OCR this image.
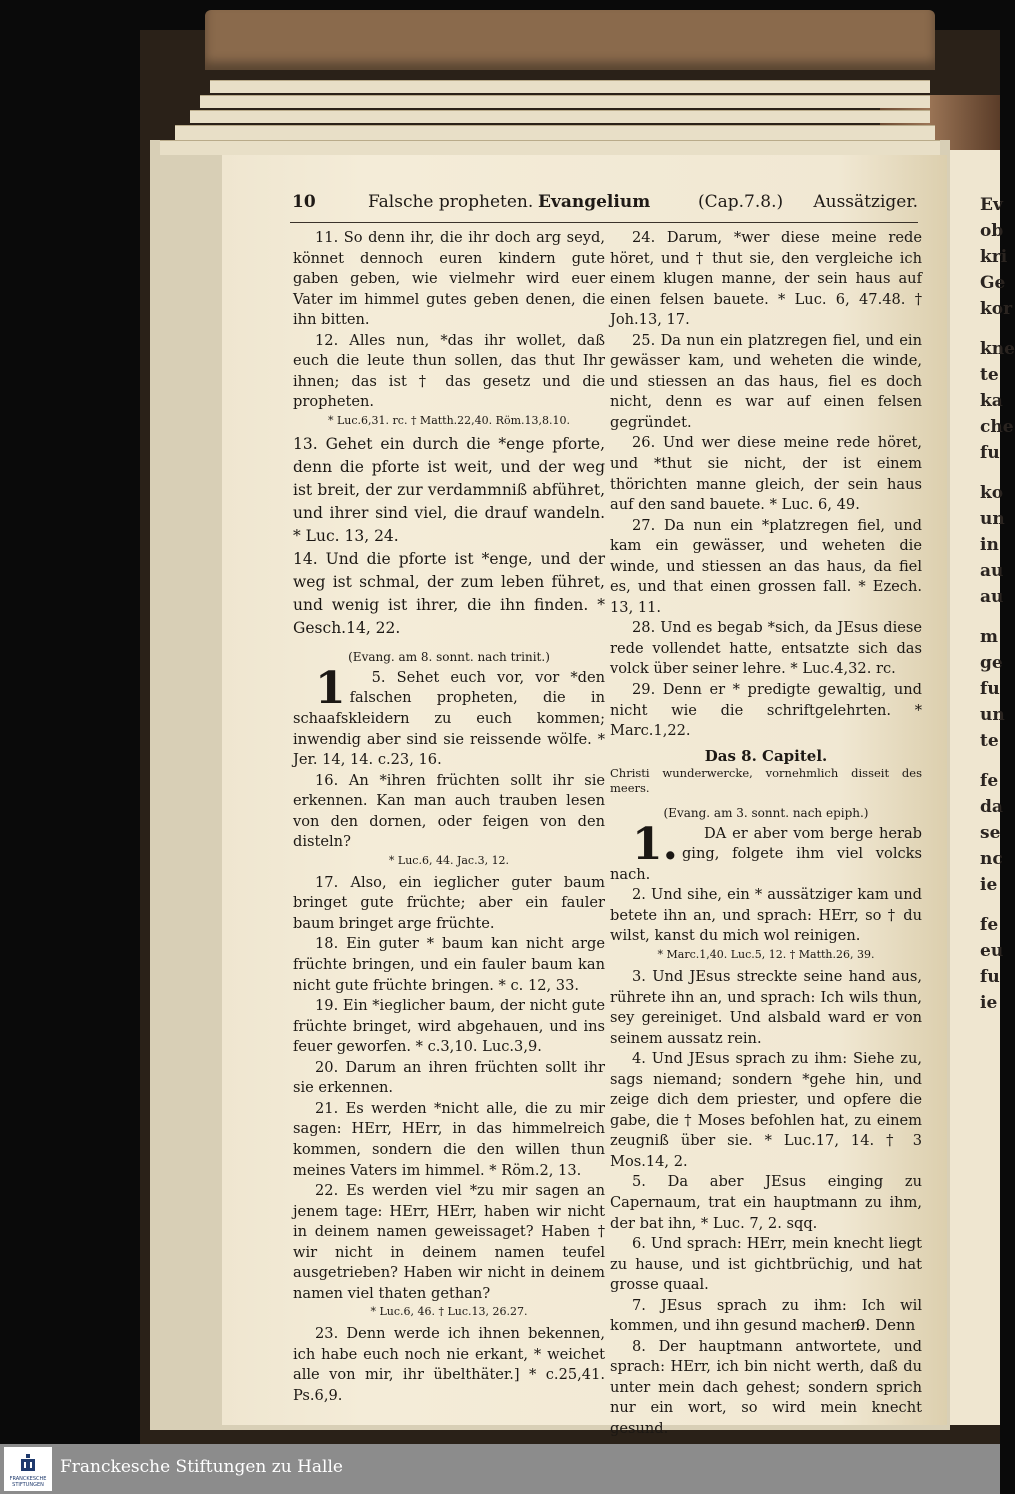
Ev
ob
kri
Ge
kor
kne
te
ka
che
fu
ko
un
in
au
au
m
ge
fu
un
te
fe
da
se
nc
ie
fe
eu
fu
ie
10	Falsche propheten. Evangelium	(Cap.7.8.) Aussätziger.

11. So denn ihr, die ihr doch arg seyd, könnet dennoch euren kindern gute gaben geben, wie vielmehr wird euer Vater im himmel gutes geben denen, die ihn bitten.

12. Alles nun, *das ihr wollet, daß euch die leute thun sollen, das thut Ihr ihnen; das ist † das gesetz und die propheten.

* Luc.6,31. rc. † Matth.22,40. Röm.13,8.10.

13. Gehet ein durch die *enge pforte, denn die pforte ist weit, und der weg ist breit, der zur verdammniß abführet, und ihrer sind viel, die drauf wandeln. * Luc. 13, 24.

14. Und die pforte ist *enge, und der weg ist schmal, der zum leben führet, und wenig ist ihrer, die ihn finden. * Gesch.14, 22.

(Evang. am 8. sonnt. nach trinit.)

15. Sehet euch vor, vor *den falschen propheten, die in schaafskleidern zu euch kommen; inwendig aber sind sie reissende wölfe. * Jer. 14, 14. c.23, 16.

16. An *ihren früchten sollt ihr sie erkennen. Kan man auch trauben lesen von den dornen, oder feigen von den disteln?

* Luc.6, 44. Jac.3, 12.

17. Also, ein ieglicher guter baum bringet gute früchte; aber ein fauler baum bringet arge früchte.

18. Ein guter * baum kan nicht arge früchte bringen, und ein fauler baum kan nicht gute früchte bringen. * c. 12, 33.

19. Ein *ieglicher baum, der nicht gute früchte bringet, wird abgehauen, und ins feuer geworfen. * c.3,10. Luc.3,9.

20. Darum an ihren früchten sollt ihr sie erkennen.

21. Es werden *nicht alle, die zu mir sagen: HErr, HErr, in das himmelreich kommen, sondern die den willen thun meines Vaters im himmel. * Röm.2, 13.

22. Es werden viel *zu mir sagen an jenem tage: HErr, HErr, haben wir nicht in deinem namen geweissaget? Haben † wir nicht in deinem namen teufel ausgetrieben? Haben wir nicht in deinem namen viel thaten gethan?

* Luc.6, 46. † Luc.13, 26.27.

23. Denn werde ich ihnen bekennen, ich habe euch noch nie erkant, * weichet alle von mir, ihr übelthäter.] * c.25,41. Ps.6,9.

24. Darum, *wer diese meine rede höret, und † thut sie, den vergleiche ich einem klugen manne, der sein haus auf einen felsen bauete. * Luc. 6, 47.48. † Joh.13, 17.

25. Da nun ein platzregen fiel, und ein gewässer kam, und weheten die winde, und stiessen an das haus, fiel es doch nicht, denn es war auf einen felsen gegründet.

26. Und wer diese meine rede höret, und *thut sie nicht, der ist einem thörichten manne gleich, der sein haus auf den sand bauete. * Luc. 6, 49.

27. Da nun ein *platzregen fiel, und kam ein gewässer, und weheten die winde, und stiessen an das haus, da fiel es, und that einen grossen fall. * Ezech. 13, 11.

28. Und es begab *sich, da JEsus diese rede vollendet hatte, entsatzte sich das volck über seiner lehre. * Luc.4,32. rc.

29. Denn er * predigte gewaltig, und nicht wie die schriftgelehrten. * Marc.1,22.

Das 8. Capitel.

Christi wunderwercke, vornehmlich disseit des meers.

(Evang. am 3. sonnt. nach epiph.)

1.DA er aber vom berge herab ging, folgete ihm viel volcks nach.

2. Und sihe, ein * aussätziger kam und betete ihn an, und sprach: HErr, so † du wilst, kanst du mich wol reinigen.

* Marc.1,40. Luc.5, 12. † Matth.26, 39.

3. Und JEsus streckte seine hand aus, rührete ihn an, und sprach: Ich wils thun, sey gereiniget. Und alsbald ward er von seinem aussatz rein.

4. Und JEsus sprach zu ihm: Siehe zu, sags niemand; sondern *gehe hin, und zeige dich dem priester, und opfere die gabe, die † Moses befohlen hat, zu einem zeugniß über sie. * Luc.17, 14. † 3 Mos.14, 2.

5. Da aber JEsus einging zu Capernaum, trat ein hauptmann zu ihm, der bat ihn, * Luc. 7, 2. sqq.

6. Und sprach: HErr, mein knecht liegt zu hause, und ist gichtbrüchig, und hat grosse quaal.

7. JEsus sprach zu ihm: Ich wil kommen, und ihn gesund machen.

8. Der hauptmann antwortete, und sprach: HErr, ich bin nicht werth, daß du unter mein dach gehest; sondern sprich nur ein wort, so wird mein knecht gesund.

9. Denn
FRANCKESCHE
STIFTUNGEN
Franckesche Stiftungen zu Halle
